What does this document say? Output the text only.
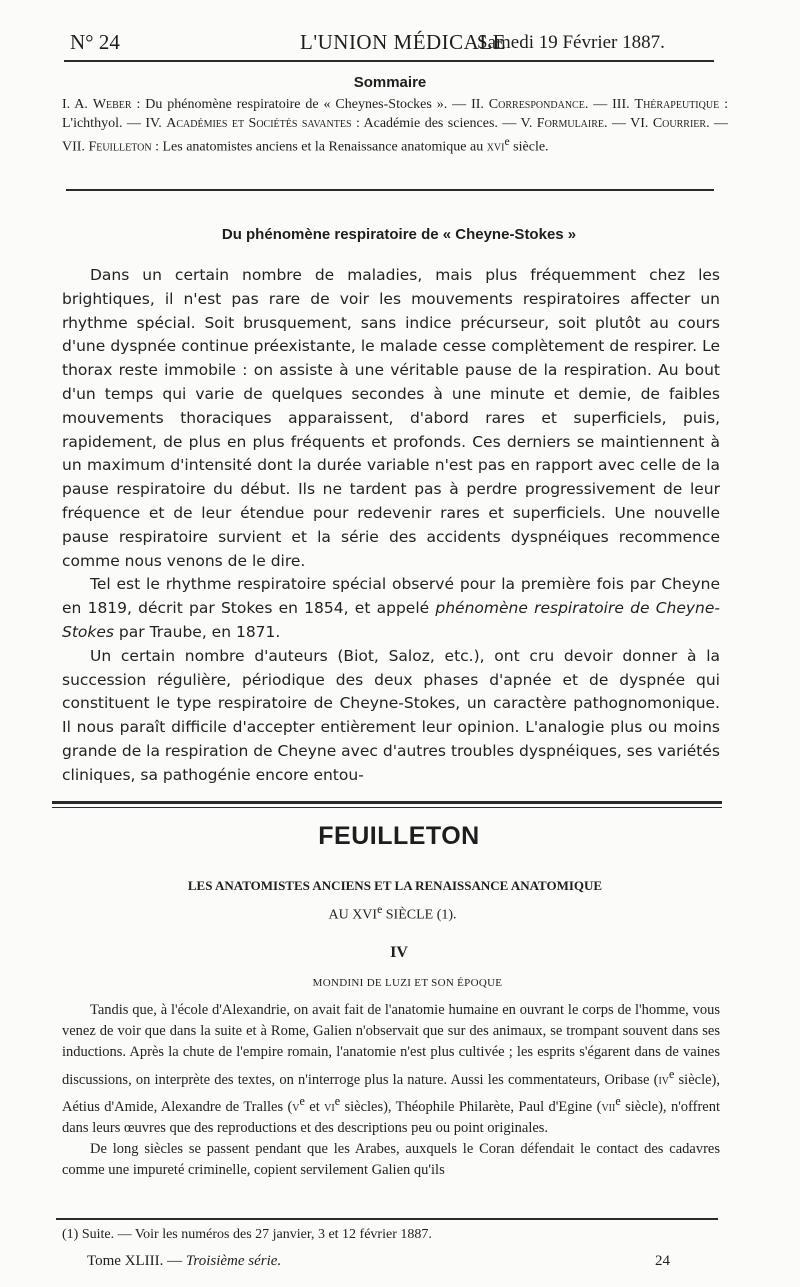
N° 24	L'UNION MÉDICALE
Samedi 19 Février 1887.
Sommaire
I. A. Weber : Du phénomène respiratoire de « Cheynes-Stockes ». — II. Correspondance. — III. Thérapeutique : L'ichthyol. — IV. Académies et Sociétés savantes : Académie des sciences. — V. Formulaire. — VI. Courrier. — VII. Feuilleton : Les anatomistes anciens et la Renaissance anatomique au xvi$^e$ siècle.
Du phénomène respiratoire de « Cheyne-Stokes »

Dans un certain nombre de maladies, mais plus fréquemment chez les brightiques, il n'est pas rare de voir les mouvements respiratoires affecter un rhythme spécial. Soit brusquement, sans indice précurseur, soit plutôt au cours d'une dyspnée continue préexistante, le malade cesse complètement de respirer. Le thorax reste immobile : on assiste à une véritable pause de la respiration. Au bout d'un temps qui varie de quelques secondes à une minute et demie, de faibles mouvements thoraciques apparaissent, d'abord rares et superficiels, puis, rapidement, de plus en plus fréquents et profonds. Ces derniers se maintiennent à un maximum d'intensité dont la durée variable n'est pas en rapport avec celle de la pause respiratoire du début. Ils ne tardent pas à perdre progressivement de leur fréquence et de leur étendue pour redevenir rares et superficiels. Une nouvelle pause respiratoire survient et la série des accidents dyspnéiques recommence comme nous venons de le dire.

Tel est le rhythme respiratoire spécial observé pour la première fois par Cheyne en 1819, décrit par Stokes en 1854, et appelé phénomène respiratoire de Cheyne-Stokes par Traube, en 1871.

Un certain nombre d'auteurs (Biot, Saloz, etc.), ont cru devoir donner à la succession régulière, périodique des deux phases d'apnée et de dyspnée qui constituent le type respiratoire de Cheyne-Stokes, un caractère pathognomonique. Il nous paraît difficile d'accepter entièrement leur opinion. L'analogie plus ou moins grande de la respiration de Cheyne avec d'autres troubles dyspnéiques, ses variétés cliniques, sa pathogénie encore entou-

FEUILLETON
LES ANATOMISTES ANCIENS ET LA RENAISSANCE ANATOMIQUE
AU XVIe SIÈCLE (1).
IV
MONDINI DE LUZI ET SON ÉPOQUE

Tandis que, à l'école d'Alexandrie, on avait fait de l'anatomie humaine en ouvrant le corps de l'homme, vous venez de voir que dans la suite et à Rome, Galien n'observait que sur des animaux, se trompant souvent dans ses inductions. Après la chute de l'empire romain, l'anatomie n'est plus cultivée ; les esprits s'égarent dans de vaines discussions, on interprète des textes, on n'interroge plus la nature. Aussi les commentateurs, Oribase ($iv^e$ siècle), Aétius d'Amide, Alexandre de Tralles ($v^e$ et $vi^e$ siècles), Théophile Philarète, Paul d'Egine (vii$^e$ siècle), n'offrent dans leurs œuvres que des reproductions et des descriptions peu ou point originales.

De long siècles se passent pendant que les Arabes, auxquels le Coran défendait le contact des cadavres comme une impureté criminelle, copient servilement Galien qu'ils

(1) Suite. — Voir les numéros des 27 janvier, 3 et 12 février 1887.
Tome XLIII. — Troisième série.	24
